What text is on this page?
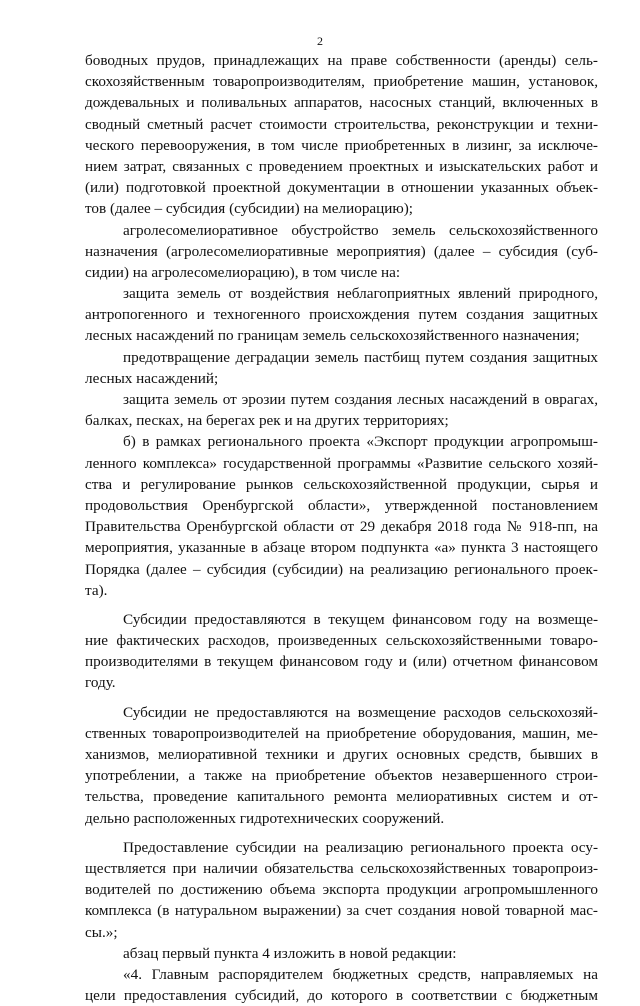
2
боводных прудов, принадлежащих на праве собственности (аренды) сель-
скохозяйственным товаропроизводителям, приобретение машин, установок,
дождевальных и поливальных аппаратов, насосных станций, включенных в
сводный сметный расчет стоимости строительства, реконструкции и техни-
ческого перевооружения, в том числе приобретенных в лизинг, за исключе-
нием затрат, связанных с проведением проектных и изыскательских работ и
(или) подготовкой проектной документации в отношении указанных объек-
тов (далее – субсидия (субсидии) на мелиорацию);
агролесомелиоративное обустройство земель сельскохозяйственного
назначения (агролесомелиоративные мероприятия) (далее – субсидия (суб-
сидии) на агролесомелиорацию), в том числе на:
защита земель от воздействия неблагоприятных явлений природного,
антропогенного и техногенного происхождения путем создания защитных
лесных насаждений по границам земель сельскохозяйственного назначения;
предотвращение деградации земель пастбищ путем создания защитных
лесных насаждений;
защита земель от эрозии путем создания лесных насаждений в оврагах,
балках, песках, на берегах рек и на других территориях;
б) в рамках регионального проекта «Экспорт продукции агропромыш-
ленного комплекса» государственной программы «Развитие сельского хозяй-
ства и регулирование рынков сельскохозяйственной продукции, сырья и
продовольствия Оренбургской области», утвержденной постановлением
Правительства Оренбургской области от 29 декабря 2018 года № 918-пп, на
мероприятия, указанные в абзаце втором подпункта «а» пункта 3 настоящего
Порядка (далее – субсидия (субсидии) на реализацию регионального проек-
та).
Субсидии предоставляются в текущем финансовом году на возмеще-
ние фактических расходов, произведенных сельскохозяйственными товаро-
производителями в текущем финансовом году и (или) отчетном финансовом
году.
Субсидии не предоставляются на возмещение расходов сельскохозяй-
ственных товаропроизводителей на приобретение оборудования, машин, ме-
ханизмов, мелиоративной техники и других основных средств, бывших в
употреблении, а также на приобретение объектов незавершенного строи-
тельства, проведение капитального ремонта мелиоративных систем и от-
дельно расположенных гидротехнических сооружений.
Предоставление субсидии на реализацию регионального проекта осу-
ществляется при наличии обязательства сельскохозяйственных товаропроиз-
водителей по достижению объема экспорта продукции агропромышленного
комплекса (в натуральном выражении) за счет создания новой товарной мас-
сы.»;
абзац первый пункта 4 изложить в новой редакции:
«4. Главным распорядителем бюджетных средств, направляемых на
цели предоставления субсидий, до которого в соответствии с бюджетным
